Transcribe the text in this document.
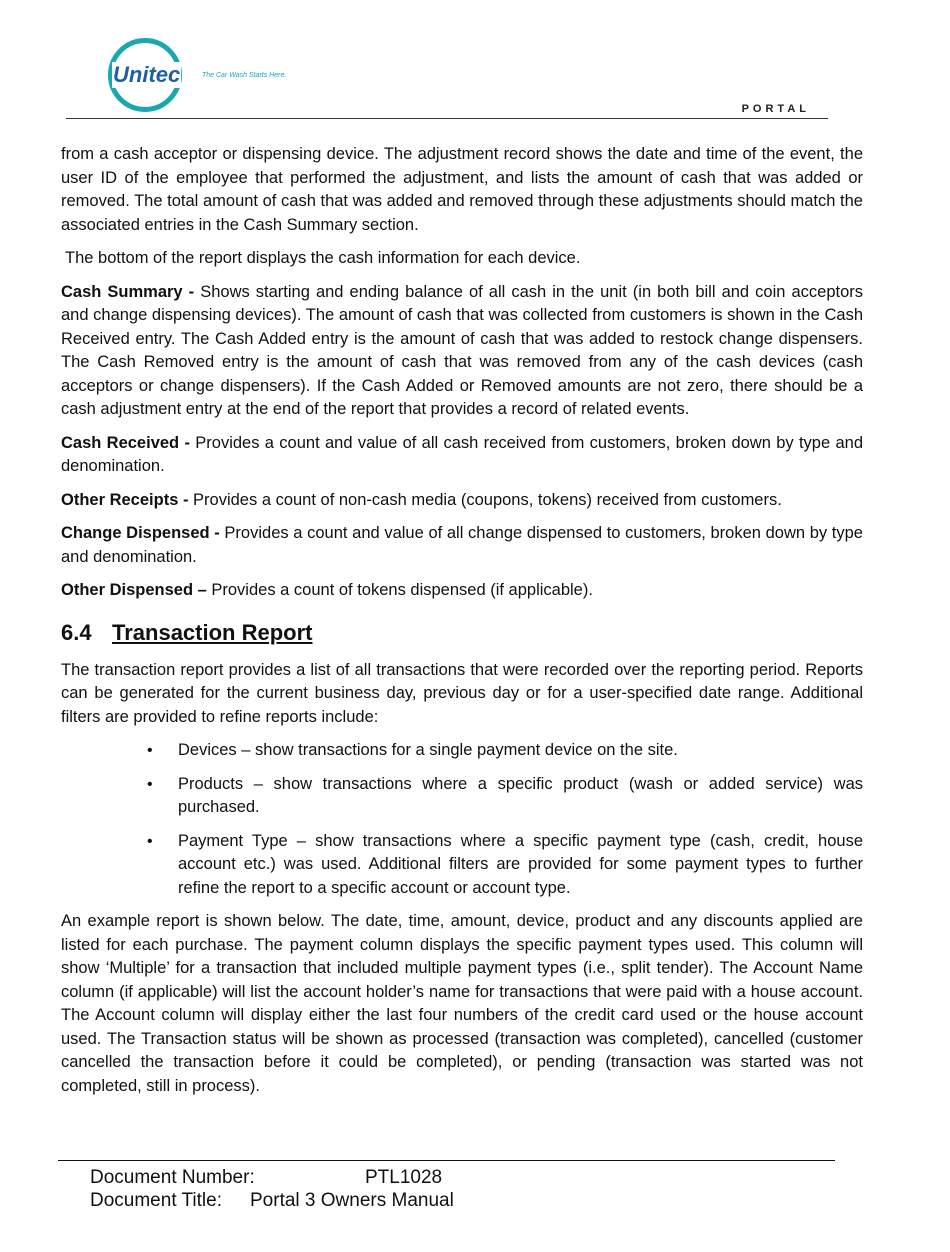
Unitec	The Car Wash Starts Here.
PORTAL

from a cash acceptor or dispensing device. The adjustment record shows the date and time of the event, the user ID of the employee that performed the adjustment, and lists the amount of cash that was added or removed. The total amount of cash that was added and removed through these adjustments should match the associated entries in the Cash Summary section.

The bottom of the report displays the cash information for each device.

Cash Summary - Shows starting and ending balance of all cash in the unit (in both bill and coin acceptors and change dispensing devices). The amount of cash that was collected from customers is shown in the Cash Received entry. The Cash Added entry is the amount of cash that was added to restock change dispensers. The Cash Removed entry is the amount of cash that was removed from any of the cash devices (cash acceptors or change dispensers). If the Cash Added or Removed amounts are not zero, there should be a cash adjustment entry at the end of the report that provides a record of related events.

Cash Received - Provides a count and value of all cash received from customers, broken down by type and denomination.

Other Receipts - Provides a count of non-cash media (coupons, tokens) received from customers.

Change Dispensed - Provides a count and value of all change dispensed to customers, broken down by type and denomination.

Other Dispensed – Provides a count of tokens dispensed (if applicable).

6.4 Transaction Report

The transaction report provides a list of all transactions that were recorded over the reporting period. Reports can be generated for the current business day, previous day or for a user-specified date range. Additional filters are provided to refine reports include:

• Devices – show transactions for a single payment device on the site.
• Products – show transactions where a specific product (wash or added service) was purchased.
• Payment Type – show transactions where a specific payment type (cash, credit, house account etc.) was used. Additional filters are provided for some payment types to further refine the report to a specific account or account type.

An example report is shown below. The date, time, amount, device, product and any discounts applied are listed for each purchase. The payment column displays the specific payment types used. This column will show ‘Multiple’ for a transaction that included multiple payment types (i.e., split tender). The Account Name column (if applicable) will list the account holder’s name for transactions that were paid with a house account. The Account column will display either the last four numbers of the credit card used or the house account used. The Transaction status will be shown as processed (transaction was completed), cancelled (customer cancelled the transaction before it could be completed), or pending (transaction was started was not completed, still in process).

Document Number:	PTL1028
Document Title: Portal 3 Owners Manual
